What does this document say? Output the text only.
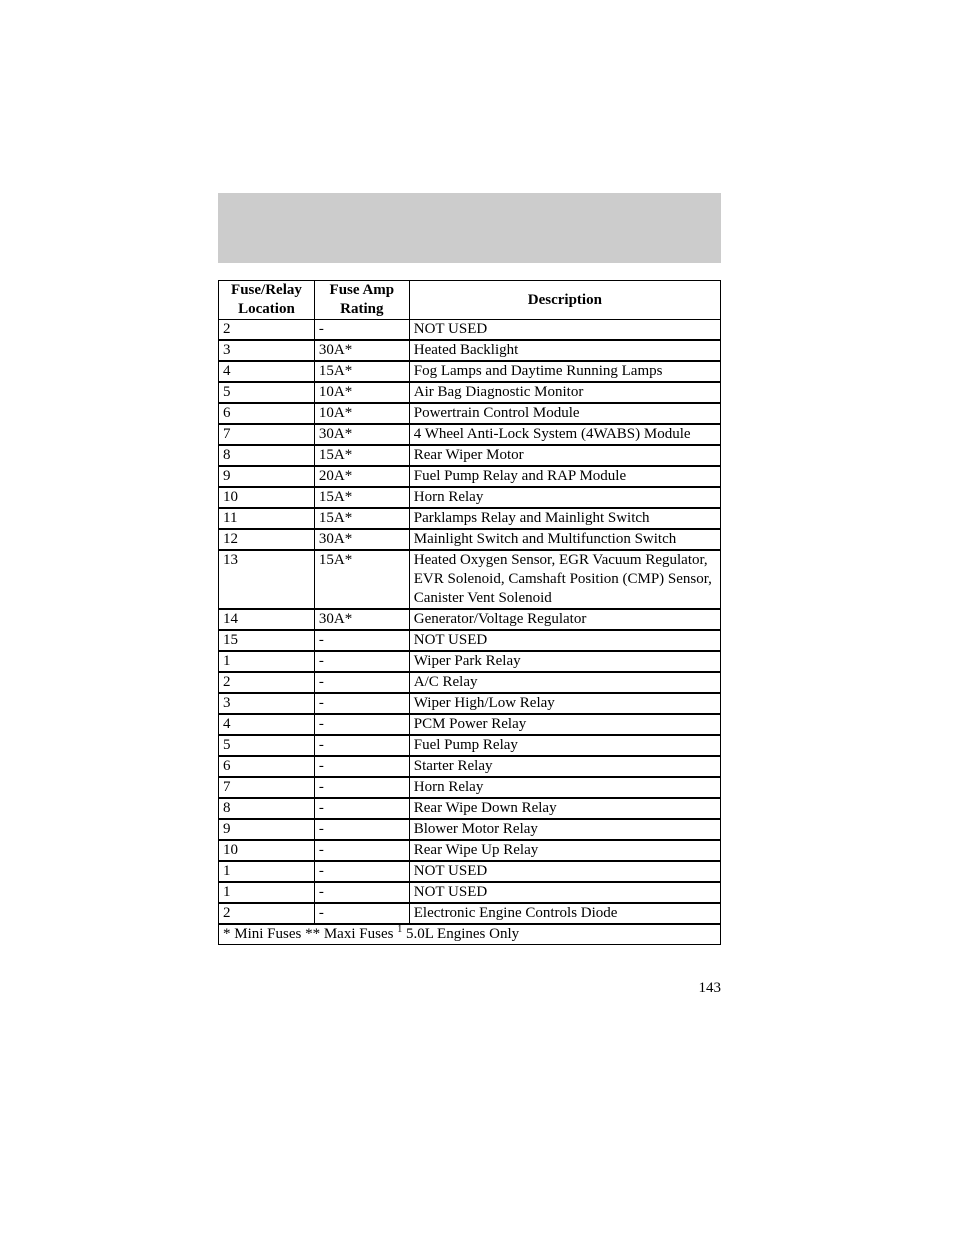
Fuse/Relay Location	Fuse Amp Rating	Description
2	-	NOT USED
3	30A*	Heated Backlight
4	15A*	Fog Lamps and Daytime Running Lamps
5	10A*	Air Bag Diagnostic Monitor
6	10A*	Powertrain Control Module
7	30A*	4 Wheel Anti-Lock System (4WABS) Module
8	15A*	Rear Wiper Motor
9	20A*	Fuel Pump Relay and RAP Module
10	15A*	Horn Relay
11	15A*	Parklamps Relay and Mainlight Switch
12	30A*	Mainlight Switch and Multifunction Switch
13	15A*	Heated Oxygen Sensor, EGR Vacuum Regulator, EVR Solenoid, Camshaft Position (CMP) Sensor, Canister Vent Solenoid
14	30A*	Generator/Voltage Regulator
15	-	NOT USED
1	-	Wiper Park Relay
2	-	A/C Relay
3	-	Wiper High/Low Relay
4	-	PCM Power Relay
5	-	Fuel Pump Relay
6	-	Starter Relay
7	-	Horn Relay
8	-	Rear Wipe Down Relay
9	-	Blower Motor Relay
10	-	Rear Wipe Up Relay
1	-	NOT USED
1	-	NOT USED
2	-	Electronic Engine Controls Diode
* Mini Fuses ** Maxi Fuses $^1$ 5.0L Engines Only		
143
